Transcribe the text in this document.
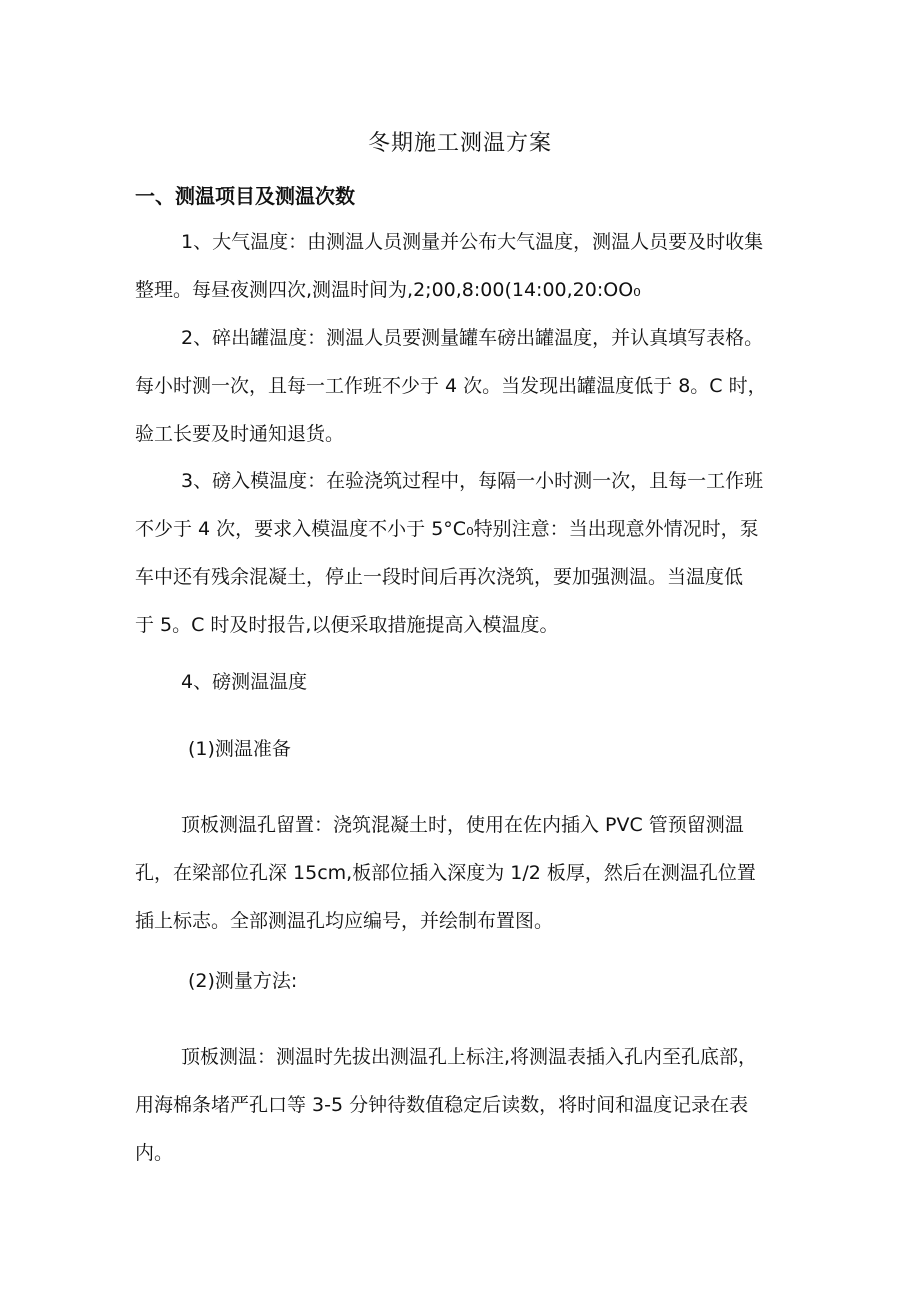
冬期施工测温方案
一、测温项目及测温次数
1、大气温度：由测温人员测量并公布大气温度，测温人员要及时收集
整理。每昼夜测四次,测温时间为,2;00,8:00(14:00,20:OO₀
2、碎出罐温度：测温人员要测量罐车磅出罐温度，并认真填写表格。
每小时测一次，且每一工作班不少于 4 次。当发现出罐温度低于 8。C 时，
验工长要及时通知退货。
3、磅入模温度：在验浇筑过程中，每隔一小时测一次，且每一工作班
不少于 4 次，要求入模温度不小于 5°C₀特别注意：当出现意外情况时，泵
车中还有残余混凝土，停止一段时间后再次浇筑，要加强测温。当温度低
于 5。C 时及时报告,以便采取措施提高入模温度。
4、磅测温温度
(1)测温准备
顶板测温孔留置：浇筑混凝土时，使用在佐内插入 PVC 管预留测温
孔，在梁部位孔深 15cm,板部位插入深度为 1/2 板厚，然后在测温孔位置
插上标志。全部测温孔均应编号，并绘制布置图。
(2)测量方法:
顶板测温：测温时先拔出测温孔上标注,将测温表插入孔内至孔底部，
用海棉条堵严孔口等 3-5 分钟待数值稳定后读数，将时间和温度记录在表
内。
